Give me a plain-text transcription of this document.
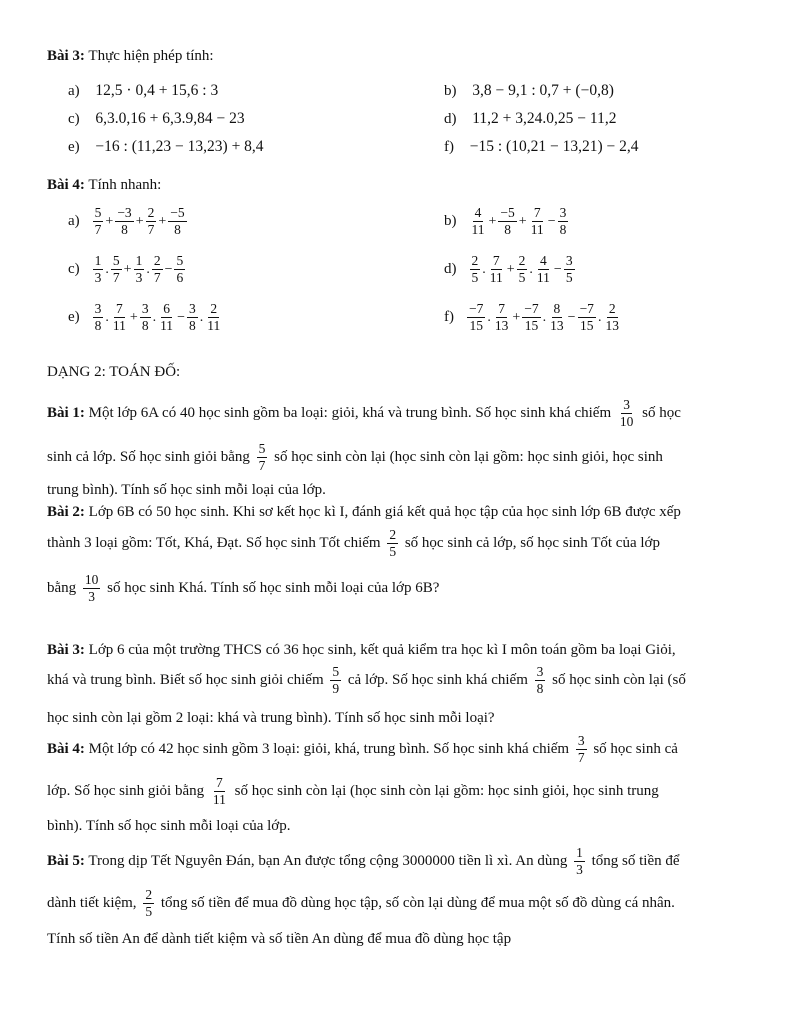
Bài 3: Thực hiện phép tính:
a) 12,5 · 0,4 + 15,6 : 3	b) 3,8 − 9,1 : 0,7 + (−0,8)
c) 6,3.0,16 + 6,3.9,84 − 23	d) 11,2 + 3,24.0,25 − 11,2
e) −16 : (11,23 − 13,23) + 8,4	f) −15 : (10,21 − 13,21) − 2,4
Bài 4: Tính nhanh:
$a) \frac{5}{7} + \frac{-3}{8} + \frac{2}{7} + \frac{-5}{8}$	$b) \frac{4}{11} + \frac{-5}{8} + \frac{7}{11} - \frac{3}{8}$
$c) \frac{1}{3}$ . $\frac{5}{7} + \frac{1}{3}$ . $\frac{2}{7} - \frac{5}{6}$	$d) \frac{2}{5}$ . $\frac{7}{11} + \frac{2}{5}$ . $\frac{4}{11} - \frac{3}{5}$
$e) \frac{3}{8}$ . $\frac{7}{11} + \frac{3}{8}$ . $\frac{6}{11} - \frac{3}{8}$ . $\frac{2}{11}$	$f) \frac{-7}{15}$ . $\frac{7}{13} + \frac{-7}{15}$ . $\frac{8}{13} - \frac{-7}{15}$ . $\frac{2}{13}$
DẠNG 2: TOÁN ĐỐ:
Bài 1: Một lớp 6A có 40 học sinh gồm ba loại: giỏi, khá và trung bình. Số học sinh khá chiếm $\frac{3}{10}$ số học
sinh cả lớp. Số học sinh giỏi bằng $\frac{5}{7}$ số học sinh còn lại (học sinh còn lại gồm: học sinh giỏi, học sinh
trung bình). Tính số học sinh mỗi loại của lớp.
Bài 2: Lớp 6B có 50 học sinh. Khi sơ kết học kì I, đánh giá kết quả học tập của học sinh lớp 6B được xếp
thành 3 loại gồm: Tốt, Khá, Đạt. Số học sinh Tốt chiếm $\frac{2}{5}$ số học sinh cả lớp, số học sinh Tốt của lớp
bằng $\frac{10}{3}$ số học sinh Khá. Tính số học sinh mỗi loại của lớp 6B?
Bài 3: Lớp 6 của một trường THCS có 36 học sinh, kết quả kiểm tra học kì I môn toán gồm ba loại Giỏi,
khá và trung bình. Biết số học sinh giỏi chiếm $\frac{5}{9}$ cả lớp. Số học sinh khá chiếm $\frac{3}{8}$ số học sinh còn lại (số
học sinh còn lại gồm 2 loại: khá và trung bình). Tính số học sinh mỗi loại?
Bài 4: Một lớp có 42 học sinh gồm 3 loại: giỏi, khá, trung bình. Số học sinh khá chiếm $\frac{3}{7}$ số học sinh cả
lớp. Số học sinh giỏi bằng $\frac{7}{11}$ số học sinh còn lại (học sinh còn lại gồm: học sinh giỏi, học sinh trung
bình). Tính số học sinh mỗi loại của lớp.
Bài 5: Trong dịp Tết Nguyên Đán, bạn An được tổng cộng 3000000 tiền lì xì. An dùng $\frac{1}{3}$ tổng số tiền để
dành tiết kiệm, $\frac{2}{5}$ tổng số tiền để mua đồ dùng học tập, số còn lại dùng để mua một số đồ dùng cá nhân.
Tính số tiền An để dành tiết kiệm và số tiền An dùng để mua đồ dùng học tập
